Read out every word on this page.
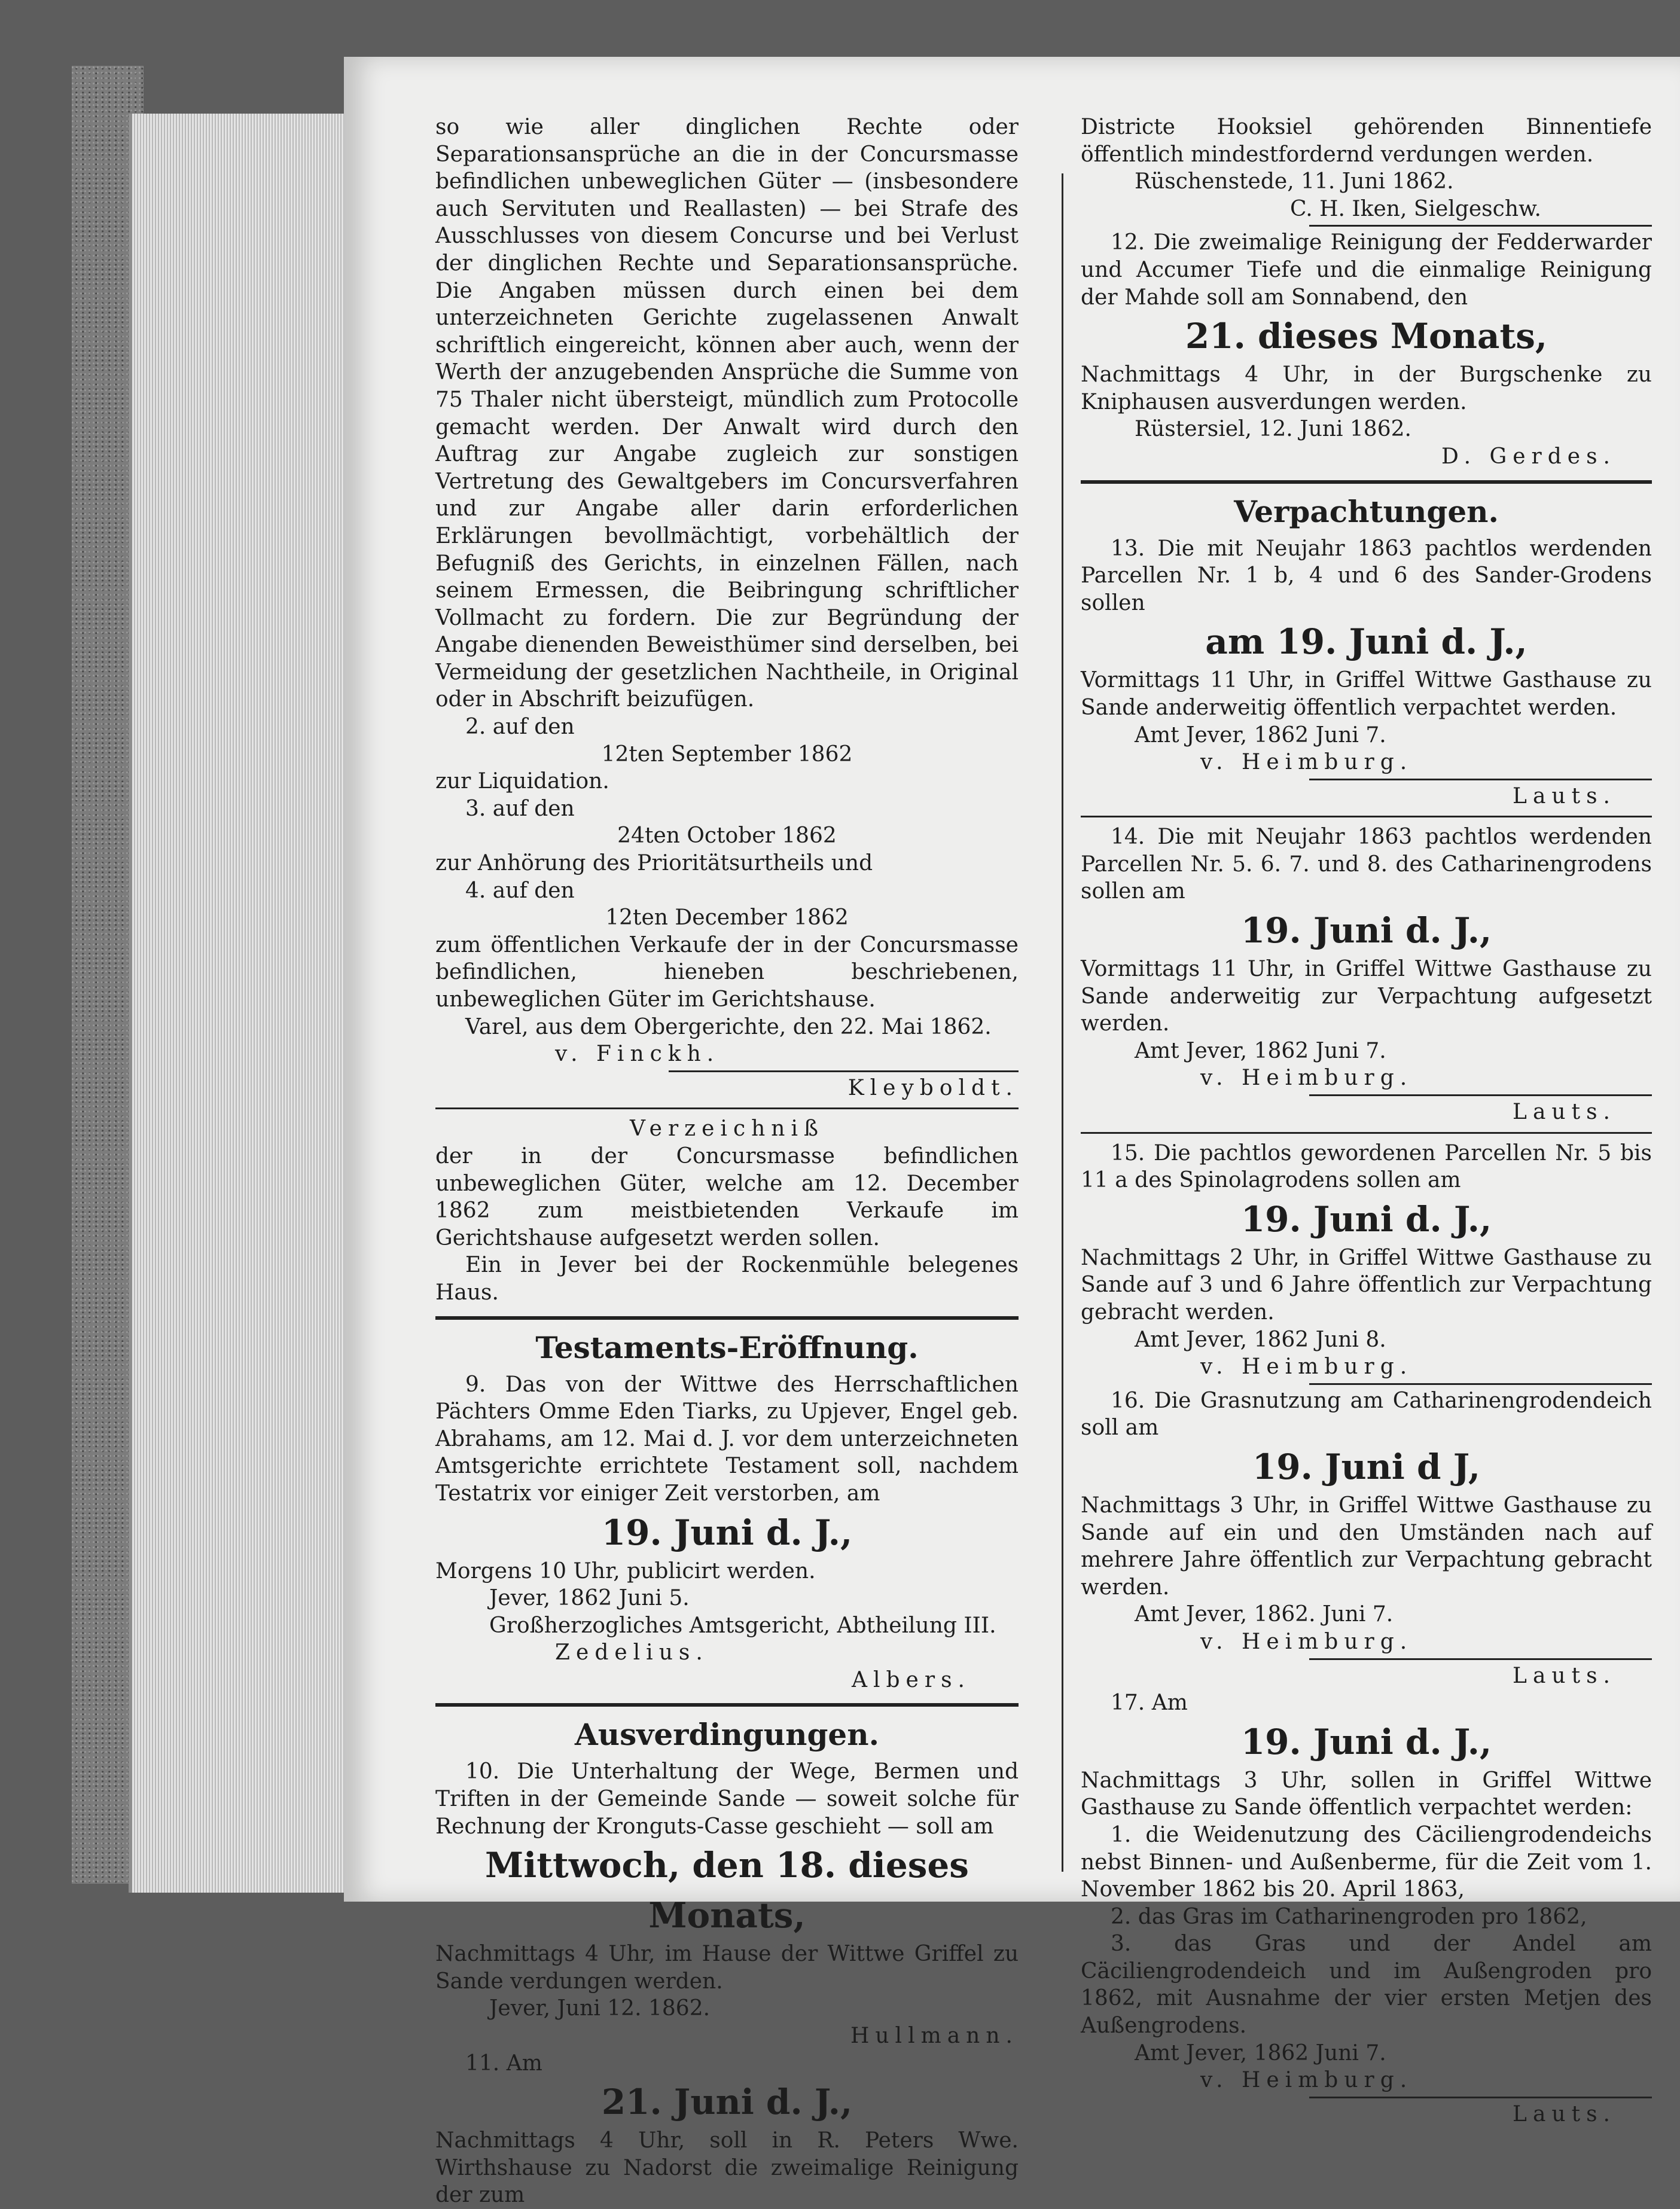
so wie aller dinglichen Rechte oder Separationsansprüche an die in der Concursmasse befindlichen unbeweglichen Güter — (insbesondere auch Servituten und Reallasten) — bei Strafe des Ausschlusses von diesem Concurse und bei Verlust der dinglichen Rechte und Separationsansprüche. Die Angaben müssen durch einen bei dem unterzeichneten Gerichte zugelassenen Anwalt schriftlich eingereicht, können aber auch, wenn der Werth der anzugebenden Ansprüche die Summe von 75 Thaler nicht übersteigt, mündlich zum Protocolle gemacht werden. Der Anwalt wird durch den Auftrag zur Angabe zugleich zur sonstigen Vertretung des Gewaltgebers im Concursverfahren und zur Angabe aller darin erforderlichen Erklärungen bevollmächtigt, vorbehältlich der Befugniß des Gerichts, in einzelnen Fällen, nach seinem Ermessen, die Beibringung schriftlicher Vollmacht zu fordern. Die zur Begründung der Angabe dienenden Beweisthümer sind derselben, bei Vermeidung der gesetzlichen Nachtheile, in Original oder in Abschrift beizufügen.

2. auf den

12ten September 1862

zur Liquidation.

3. auf den

24ten October 1862

zur Anhörung des Prioritätsurtheils und

4. auf den

12ten December 1862

zum öffentlichen Verkaufe der in der Concursmasse befindlichen, hieneben beschriebenen, unbeweglichen Güter im Gerichtshause.

Varel, aus dem Obergerichte, den 22. Mai 1862.

v. Finckh.

Kleyboldt.

Verzeichniß

der in der Concursmasse befindlichen unbeweglichen Güter, welche am 12. December 1862 zum meistbietenden Verkaufe im Gerichtshause aufgesetzt werden sollen.

Ein in Jever bei der Rockenmühle belegenes Haus.

Testaments-Eröffnung.

9. Das von der Wittwe des Herrschaftlichen Pächters Omme Eden Tiarks, zu Upjever, Engel geb. Abrahams, am 12. Mai d. J. vor dem unterzeichneten Amtsgerichte errichtete Testament soll, nachdem Testatrix vor einiger Zeit verstorben, am

19. Juni d. J.,

Morgens 10 Uhr, publicirt werden.

Jever, 1862 Juni 5.

Großherzogliches Amtsgericht, Abtheilung III.

Zedelius.

Albers.

Ausverdingungen.

10. Die Unterhaltung der Wege, Bermen und Triften in der Gemeinde Sande — soweit solche für Rechnung der Kronguts-Casse geschieht — soll am

Mittwoch, den 18. dieses Monats,

Nachmittags 4 Uhr, im Hause der Wittwe Griffel zu Sande verdungen werden.

Jever, Juni 12. 1862.

Hullmann.

11. Am

21. Juni d. J.,

Nachmittags 4 Uhr, soll in R. Peters Wwe. Wirthshause zu Nadorst die zweimalige Reinigung der zum

Districte Hooksiel gehörenden Binnentiefe öffentlich mindestfordernd verdungen werden.

Rüschenstede, 11. Juni 1862.

C. H. Iken, Sielgeschw.

12. Die zweimalige Reinigung der Fedderwarder und Accumer Tiefe und die einmalige Reinigung der Mahde soll am Sonnabend, den

21. dieses Monats,

Nachmittags 4 Uhr, in der Burgschenke zu Kniphausen ausverdungen werden.

Rüstersiel, 12. Juni 1862.

D. Gerdes.

Verpachtungen.

13. Die mit Neujahr 1863 pachtlos werdenden Parcellen Nr. 1 b, 4 und 6 des Sander-Grodens sollen

am 19. Juni d. J.,

Vormittags 11 Uhr, in Griffel Wittwe Gasthause zu Sande anderweitig öffentlich verpachtet werden.

Amt Jever, 1862 Juni 7.

v. Heimburg.

Lauts.

14. Die mit Neujahr 1863 pachtlos werdenden Parcellen Nr. 5. 6. 7. und 8. des Catharinengrodens sollen am

19. Juni d. J.,

Vormittags 11 Uhr, in Griffel Wittwe Gasthause zu Sande anderweitig zur Verpachtung aufgesetzt werden.

Amt Jever, 1862 Juni 7.

v. Heimburg.

Lauts.

15. Die pachtlos gewordenen Parcellen Nr. 5 bis 11 a des Spinolagrodens sollen am

19. Juni d. J.,

Nachmittags 2 Uhr, in Griffel Wittwe Gasthause zu Sande auf 3 und 6 Jahre öffentlich zur Verpachtung gebracht werden.

Amt Jever, 1862 Juni 8.

v. Heimburg.

16. Die Grasnutzung am Catharinengrodendeich soll am

19. Juni d J,

Nachmittags 3 Uhr, in Griffel Wittwe Gasthause zu Sande auf ein und den Umständen nach auf mehrere Jahre öffentlich zur Verpachtung gebracht werden.

Amt Jever, 1862. Juni 7.

v. Heimburg.

Lauts.

17. Am

19. Juni d. J.,

Nachmittags 3 Uhr, sollen in Griffel Wittwe Gasthause zu Sande öffentlich verpachtet werden:

1. die Weidenutzung des Cäciliengrodendeichs nebst Binnen- und Außenberme, für die Zeit vom 1. November 1862 bis 20. April 1863,

2. das Gras im Catharinengroden pro 1862,

3. das Gras und der Andel am Cäciliengrodendeich und im Außengroden pro 1862, mit Ausnahme der vier ersten Metjen des Außengrodens.

Amt Jever, 1862 Juni 7.

v. Heimburg.

Lauts.
